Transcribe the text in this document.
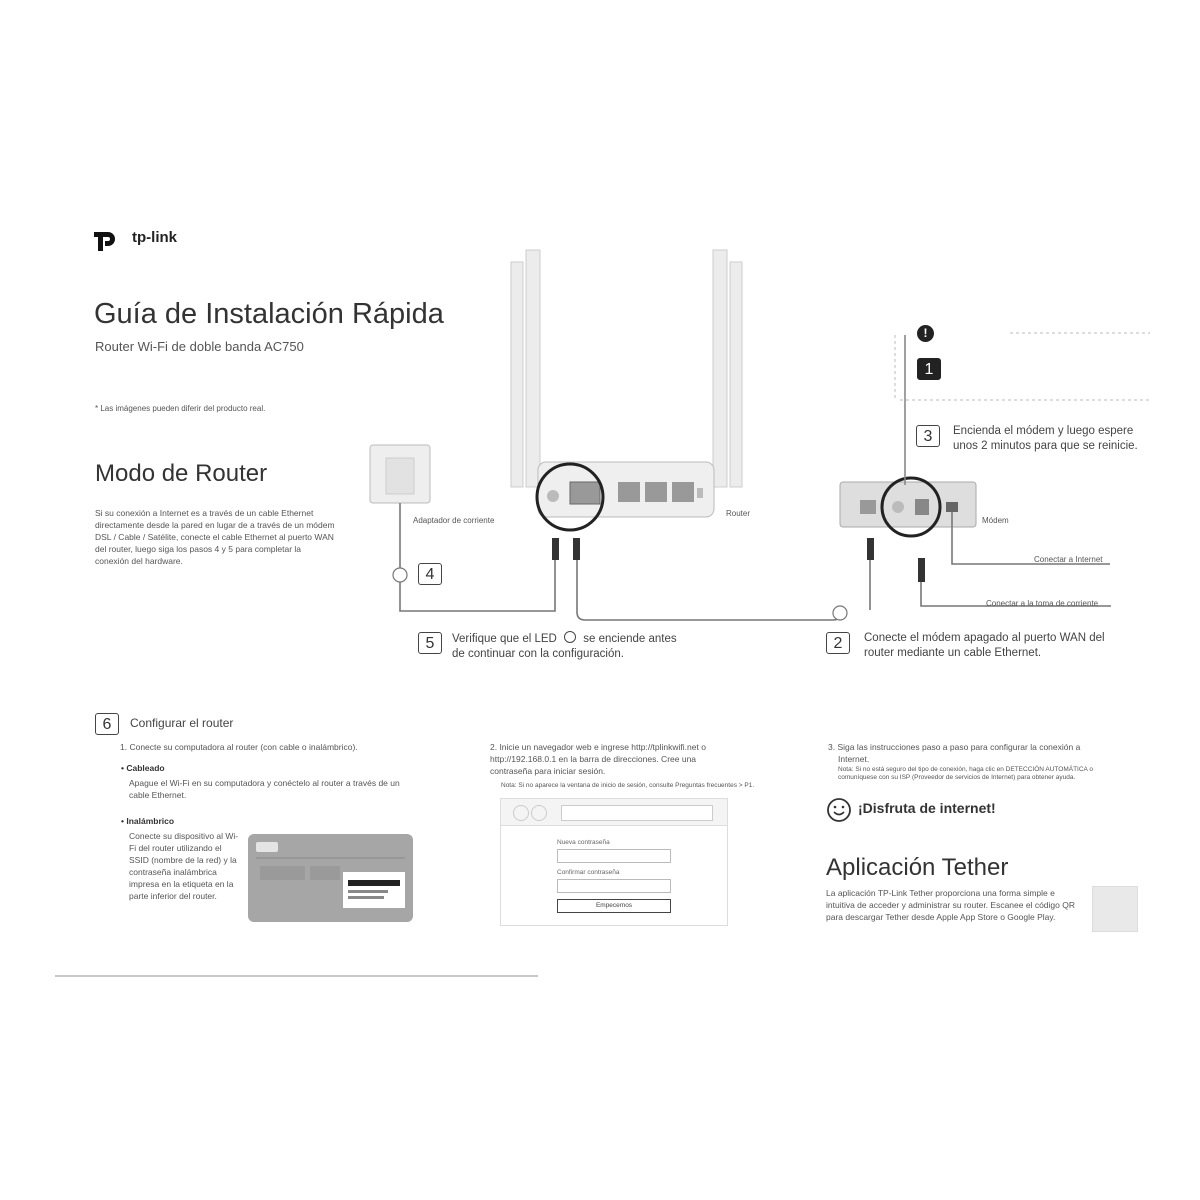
tp-link
Guía de Instalación Rápida
Router Wi-Fi de doble banda AC750
* Las imágenes pueden diferir del producto real.
Modo de Router
Si su conexión a Internet es a través de un cable Ethernet directamente desde la pared en lugar de a través de un módem DSL / Cable / Satélite, conecte el cable Ethernet al puerto WAN del router, luego siga los pasos 4 y 5 para completar la conexión del hardware.
Adaptador de corriente
Router
Módem
Conectar a Internet
Conectar a la toma de corriente
!
1
3	Encienda el módem y luego espere
unos 2 minutos para que se reinicie.
4
5	Verifique que el LED se enciende antes
de continuar con la configuración.
2	Conecte el módem apagado al puerto WAN del
router mediante un cable Ethernet.
6	Configurar el router
1. Conecte su computadora al router (con cable o inalámbrico).
• Cableado
Apague el Wi-Fi en su computadora y conéctelo al router a través de un cable Ethernet.
• Inalámbrico
Conecte su dispositivo al Wi-Fi del router utilizando el SSID (nombre de la red) y la contraseña inalámbrica impresa en la etiqueta en la parte inferior del router.
2. Inicie un navegador web e ingrese http://tplinkwifi.net o
http://192.168.0.1 en la barra de direcciones. Cree una
contraseña para iniciar sesión.
Nota: Si no aparece la ventana de inicio de sesión, consulte Preguntas frecuentes > P1.
Nueva contraseña
Confirmar contraseña
Empecemos
3. Siga las instrucciones paso a paso para configurar la conexión a
Internet.
Nota: Si no está seguro del tipo de conexión, haga clic en DETECCIÓN AUTOMÁTICA o
comuníquese con su ISP (Proveedor de servicios de Internet) para obtener ayuda.
¡Disfruta de internet!
Aplicación Tether
La aplicación TP-Link Tether proporciona una forma simple e intuitiva de acceder y administrar su router. Escanee el código QR para descargar Tether desde Apple App Store o Google Play.
